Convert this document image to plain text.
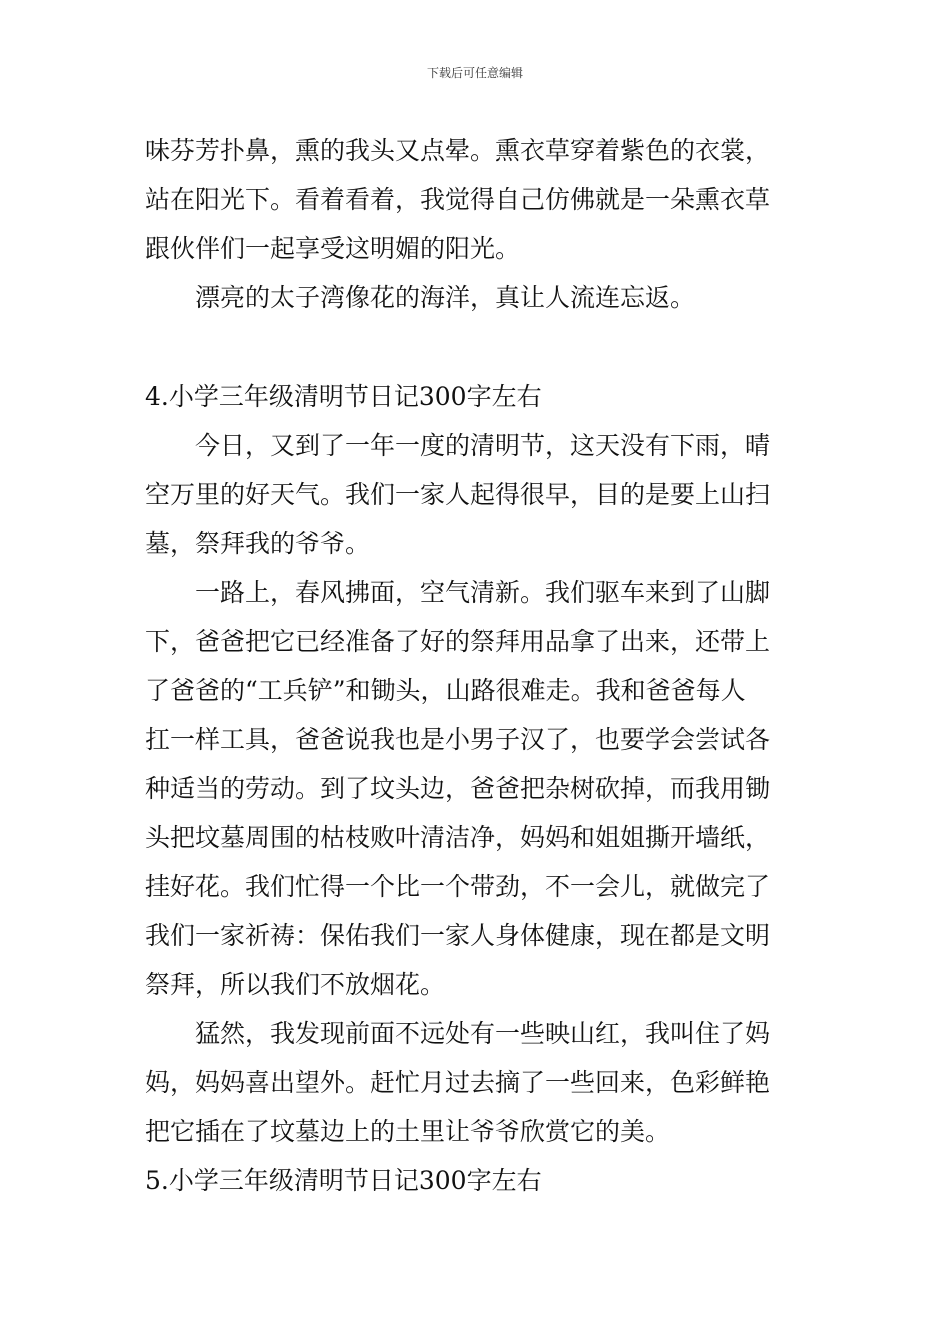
下载后可任意编辑
味芬芳扑鼻，熏的我头又点晕。熏衣草穿着紫色的衣裳，
站在阳光下。看着看着，我觉得自己仿佛就是一朵熏衣草
跟伙伴们一起享受这明媚的阳光。
漂亮的太子湾像花的海洋，真让人流连忘返。
4.小学三年级清明节日记300字左右
今日，又到了一年一度的清明节，这天没有下雨，晴
空万里的好天气。我们一家人起得很早，目的是要上山扫
墓，祭拜我的爷爷。
一路上，春风拂面，空气清新。我们驱车来到了山脚
下，爸爸把它已经准备了好的祭拜用品拿了出来，还带上
了爸爸的“工兵铲”和锄头，山路很难走。我和爸爸每人
扛一样工具，爸爸说我也是小男子汉了，也要学会尝试各
种适当的劳动。到了坟头边，爸爸把杂树砍掉，而我用锄
头把坟墓周围的枯枝败叶清洁净，妈妈和姐姐撕开墙纸，
挂好花。我们忙得一个比一个带劲，不一会儿，就做完了
我们一家祈祷：保佑我们一家人身体健康，现在都是文明
祭拜，所以我们不放烟花。
猛然，我发现前面不远处有一些映山红，我叫住了妈
妈，妈妈喜出望外。赶忙月过去摘了一些回来，色彩鲜艳
把它插在了坟墓边上的土里让爷爷欣赏它的美。
5.小学三年级清明节日记300字左右
